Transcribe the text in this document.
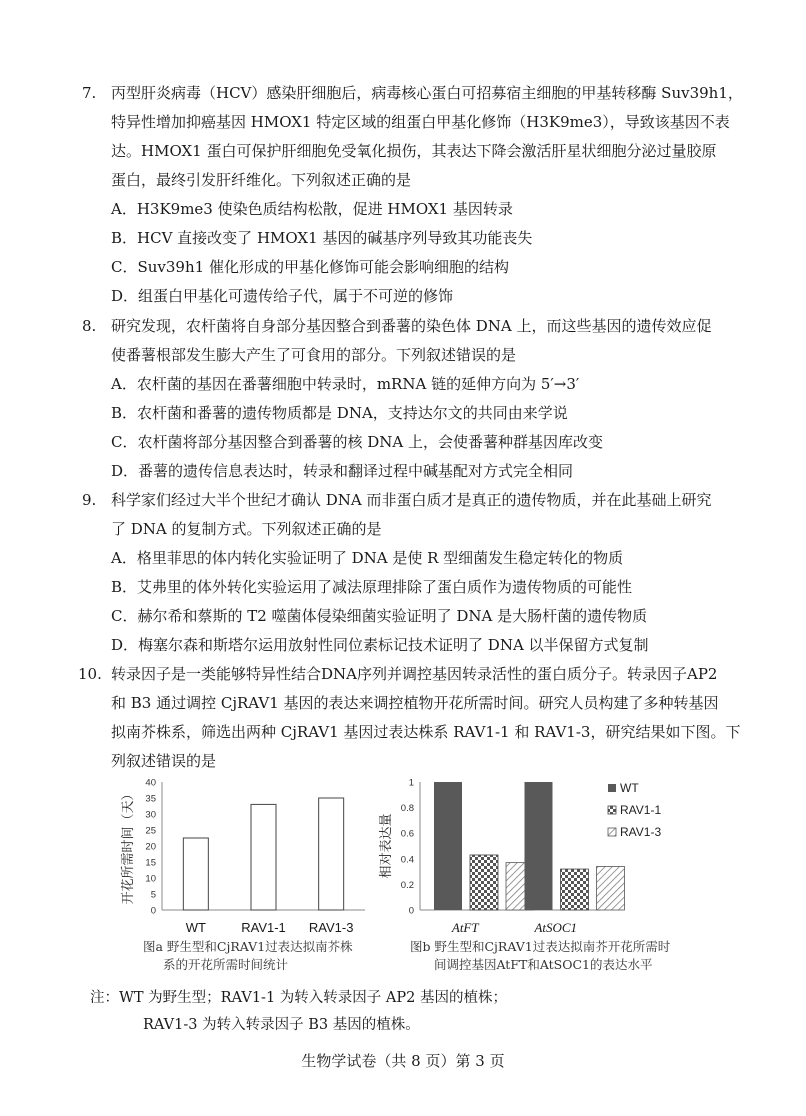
7. 丙型肝炎病毒（HCV）感染肝细胞后，病毒核心蛋白可招募宿主细胞的甲基转移酶 Suv39h1，
特异性增加抑癌基因 HMOX1 特定区域的组蛋白甲基化修饰（H3K9me3），导致该基因不表
达。HMOX1 蛋白可保护肝细胞免受氧化损伤，其表达下降会激活肝星状细胞分泌过量胶原
蛋白，最终引发肝纤维化。下列叙述正确的是
A．H3K9me3 使染色质结构松散，促进 HMOX1 基因转录
B．HCV 直接改变了 HMOX1 基因的碱基序列导致其功能丧失
C．Suv39h1 催化形成的甲基化修饰可能会影响细胞的结构
D．组蛋白甲基化可遗传给子代，属于不可逆的修饰
8. 研究发现，农杆菌将自身部分基因整合到番薯的染色体 DNA 上，而这些基因的遗传效应促
使番薯根部发生膨大产生了可食用的部分。下列叙述错误的是
A．农杆菌的基因在番薯细胞中转录时，mRNA 链的延伸方向为 5′→3′
B．农杆菌和番薯的遗传物质都是 DNA，支持达尔文的共同由来学说
C．农杆菌将部分基因整合到番薯的核 DNA 上，会使番薯种群基因库改变
D．番薯的遗传信息表达时，转录和翻译过程中碱基配对方式完全相同
9. 科学家们经过大半个世纪才确认 DNA 而非蛋白质才是真正的遗传物质，并在此基础上研究
了 DNA 的复制方式。下列叙述正确的是
A．格里菲思的体内转化实验证明了 DNA 是使 R 型细菌发生稳定转化的物质
B．艾弗里的体外转化实验运用了减法原理排除了蛋白质作为遗传物质的可能性
C．赫尔希和蔡斯的 T2 噬菌体侵染细菌实验证明了 DNA 是大肠杆菌的遗传物质
D．梅塞尔森和斯塔尔运用放射性同位素标记技术证明了 DNA 以半保留方式复制
10. 转录因子是一类能够特异性结合DNA序列并调控基因转录活性的蛋白质分子。转录因子AP2
和 B3 通过调控 CjRAV1 基因的表达来调控植物开花所需时间。研究人员构建了多种转基因
拟南芥株系，筛选出两种 CjRAV1 基因过表达株系 RAV1-1 和 RAV1-3，研究结果如下图。下
列叙述错误的是
0
5
10
15
20
25
30
35
40
开花所需时间（天）
WT	RAV1-1	RAV1-3
图a 野生型和CjRAV1过表达拟南芥株
系的开花所需时间统计
0
0.2
0.4
0.6
0.8
1
相对表达量
WT
RAV1-1
RAV1-3
AtFT	AtSOC1
图b 野生型和CjRAV1过表达拟南芥开花所需时
间调控基因AtFT和AtSOC1的表达水平
注：WT 为野生型；RAV1-1 为转入转录因子 AP2 基因的植株；
RAV1-3 为转入转录因子 B3 基因的植株。
生物学试卷（共 8 页）第 3 页
